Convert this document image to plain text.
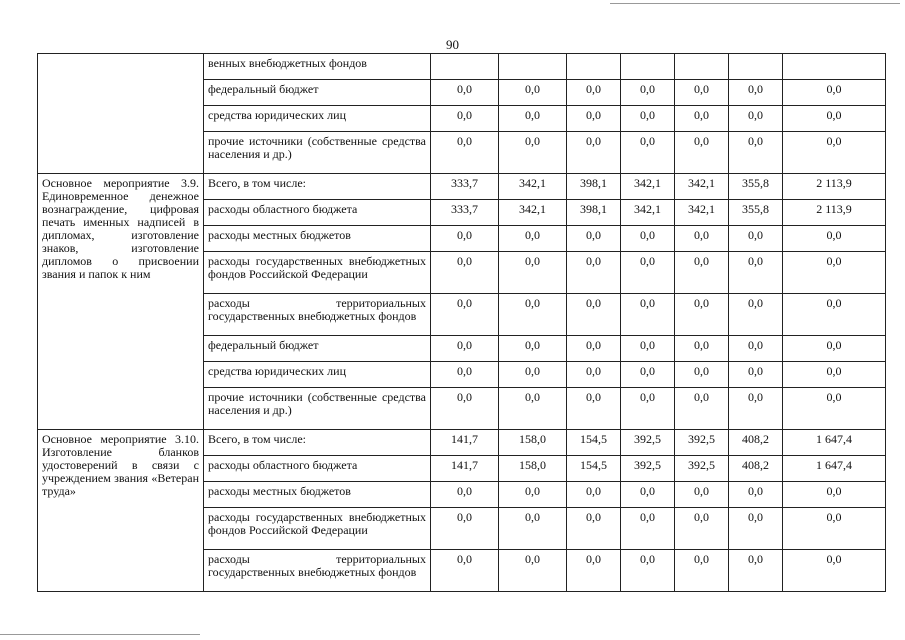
90
	венных внебюджетных фондов							
	федеральный бюджет	0,0	0,0	0,0	0,0	0,0	0,0	0,0
	средства юридических лиц	0,0	0,0	0,0	0,0	0,0	0,0	0,0
	прочие источники (собственные средства населения и др.)	0,0	0,0	0,0	0,0	0,0	0,0	0,0
Основное мероприятие 3.9. Единовременное денежное вознаграждение, цифровая печать именных надписей в дипломах, изготовление знаков, изготовление дипломов о присвоении звания и папок к ним	Всего, в том числе:	333,7	342,1	398,1	342,1	342,1	355,8	2 113,9
	расходы областного бюджета	333,7	342,1	398,1	342,1	342,1	355,8	2 113,9
	расходы местных бюджетов	0,0	0,0	0,0	0,0	0,0	0,0	0,0
	расходы государственных внебюджетных фондов Российской Федерации	0,0	0,0	0,0	0,0	0,0	0,0	0,0
	расходы территориальных государственных внебюджетных фондов	0,0	0,0	0,0	0,0	0,0	0,0	0,0
	федеральный бюджет	0,0	0,0	0,0	0,0	0,0	0,0	0,0
	средства юридических лиц	0,0	0,0	0,0	0,0	0,0	0,0	0,0
	прочие источники (собственные средства населения и др.)	0,0	0,0	0,0	0,0	0,0	0,0	0,0
Основное мероприятие 3.10. Изготовление бланков удостоверений в связи с учреждением звания «Ветеран труда»	Всего, в том числе:	141,7	158,0	154,5	392,5	392,5	408,2	1 647,4
	расходы областного бюджета	141,7	158,0	154,5	392,5	392,5	408,2	1 647,4
	расходы местных бюджетов	0,0	0,0	0,0	0,0	0,0	0,0	0,0
	расходы государственных внебюджетных фондов Российской Федерации	0,0	0,0	0,0	0,0	0,0	0,0	0,0
	расходы территориальных государственных внебюджетных фондов	0,0	0,0	0,0	0,0	0,0	0,0	0,0
